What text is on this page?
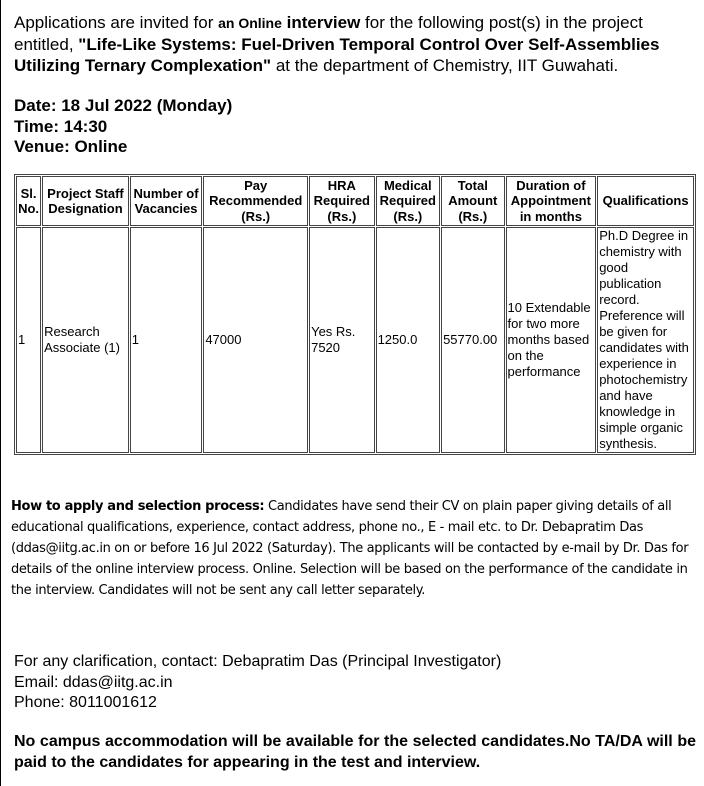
Applications are invited for an Online interview for the following post(s) in the project entitled, "Life-Like Systems: Fuel-Driven Temporal Control Over Self-Assemblies Utilizing Ternary Complexation" at the department of Chemistry, IIT Guwahati.
Date: 18 Jul 2022 (Monday)
Time: 14:30
Venue: Online
Sl. No.	Project Staff Designation	Number of Vacancies	Pay Recommended (Rs.)	HRA Required (Rs.)	Medical Required (Rs.)	Total Amount (Rs.)	Duration of Appointment in months	Qualifications
1	Research Associate (1)	1	47000	Yes Rs. 7520	1250.0	55770.00	10 Extendable for two more months based on the performance	Ph.D Degree in chemistry with good publication record. Preference will be given for candidates with experience in photochemistry and have knowledge in simple organic synthesis.
How to apply and selection process: Candidates have send their CV on plain paper giving details of all educational qualifications, experience, contact address, phone no., E - mail etc. to Dr. Debapratim Das (ddas@iitg.ac.in on or before 16 Jul 2022 (Saturday). The applicants will be contacted by e-mail by Dr. Das for details of the online interview process. Online. Selection will be based on the performance of the candidate in the interview. Candidates will not be sent any call letter separately.
For any clarification, contact: Debapratim Das (Principal Investigator)
Email: ddas@iitg.ac.in
Phone: 8011001612
No campus accommodation will be available for the selected candidates.No TA/DA will be paid to the candidates for appearing in the test and interview.
